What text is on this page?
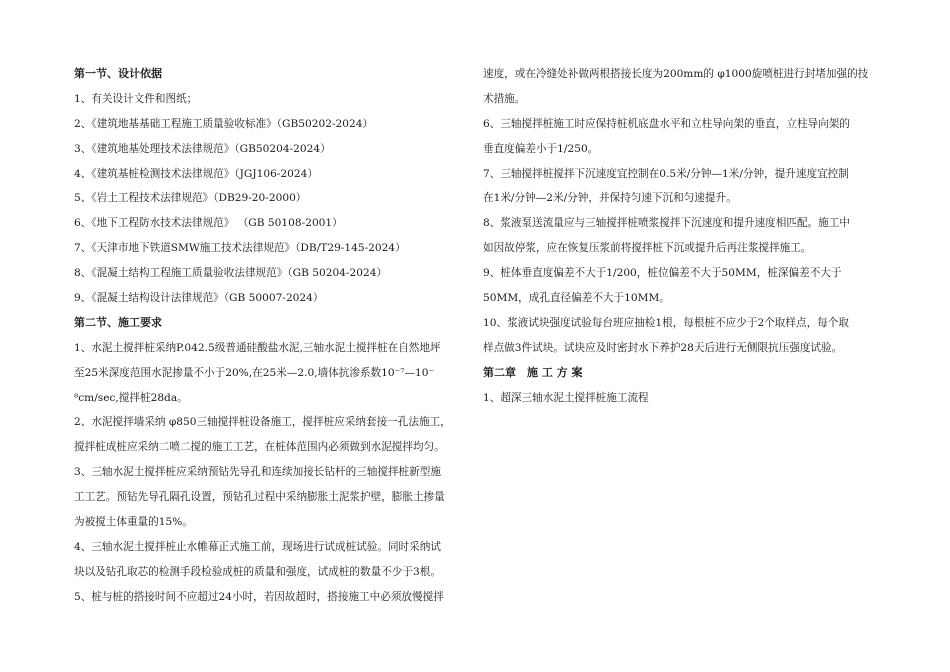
第一节、设计依据
1、有关设计文件和图纸；
2、《建筑地基基础工程施工质量验收标准》（GB50202-2024）
3、《建筑地基处理技术法律规范》（GB50204-2024）
4、《建筑基桩检测技术法律规范》（JGJ106-2024）
5、《岩土工程技术法律规范》（DB29-20-2000）
6、《地下工程防水技术法律规范》 （GB 50108-2001）
7、《天津市地下铁道SMW施工技术法律规范》（DB/T29-145-2024）
8、《混凝土结构工程施工质量验收法律规范》（GB 50204-2024）
9、《混凝土结构设计法律规范》（GB 50007-2024）
第二节、施工要求
1、水泥土搅拌桩采纳P.042.5级普通硅酸盐水泥,三轴水泥土搅拌桩在自然地坪
至25米深度范围水泥掺量不小于20%,在25米—2.0,墙体抗渗系数10⁻⁷—10⁻
⁸cm/sec,搅拌桩28da。
2、水泥搅拌墙采纳 φ850三轴搅拌桩设备施工，搅拌桩应采纳套接一孔法施工，
搅拌桩成桩应采纳二喷二搅的施工工艺，在桩体范围内必须做到水泥搅拌均匀。
3、三轴水泥土搅拌桩应采纳预钻先导孔和连续加接长钻杆的三轴搅拌桩新型施
工工艺。预钻先导孔隔孔设置，预钻孔过程中采纳膨胀土泥浆护壁，膨胀土掺量
为被搅土体重量的15%。
4、三轴水泥土搅拌桩止水帷幕正式施工前，现场进行试成桩试验。同时采纳试
块以及钻孔取芯的检测手段检验成桩的质量和强度，试成桩的数量不少于3根。
5、桩与桩的搭接时间不应超过24小时，若因故超时，搭接施工中必须放慢搅拌
速度，或在冷缝处补做两根搭接长度为200mm的 φ1000旋喷桩进行封堵加强的技
术措施。
6、三轴搅拌桩施工时应保持桩机底盘水平和立柱导向架的垂直，立柱导向架的
垂直度偏差小于1/250。
7、三轴搅拌桩搅拌下沉速度宜控制在0.5米/分钟—1米/分钟，提升速度宜控制
在1米/分钟—2米/分钟，并保持匀速下沉和匀速提升。
8、浆液泵送流量应与三轴搅拌桩喷浆搅拌下沉速度和提升速度相匹配。施工中
如因故停浆，应在恢复压浆前将搅拌桩下沉或提升后再注浆搅拌施工。
9、桩体垂直度偏差不大于1/200，桩位偏差不大于50MM，桩深偏差不大于
50MM，成孔直径偏差不大于10MM。
10、浆液试块强度试验每台班应抽检1根，每根桩不应少于2个取样点，每个取
样点做3件试块。试块应及时密封水下养护28天后进行无侧限抗压强度试验。
第二章　施 工 方 案
1、超深三轴水泥土搅拌桩施工流程
